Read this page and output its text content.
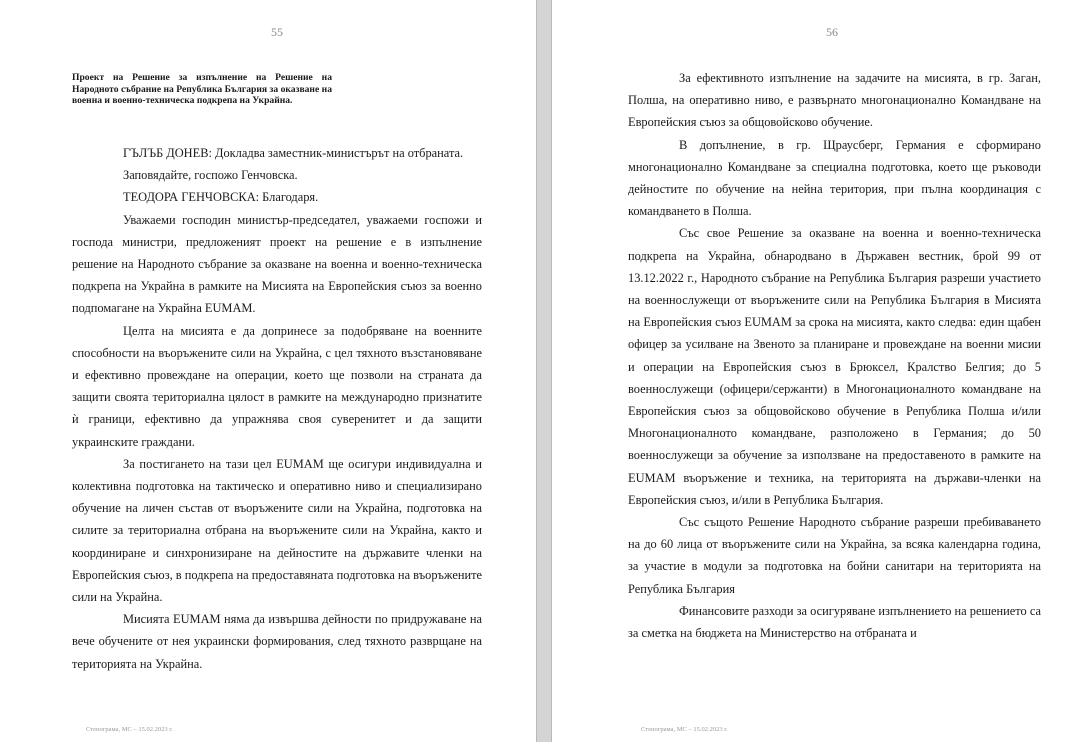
55
Проект на Решение за изпълнение на Решение на Народното събрание на Република България за оказване на военна и военно-техническа подкрепа на Украйна.

ГЪЛЪБ ДОНЕВ: Докладва заместник-министърът на отбраната.

Заповядайте, госпожо Генчовска.

ТЕОДОРА ГЕНЧОВСКА: Благодаря.

Уважаеми господин министър-председател, уважаеми госпожи и господа министри, предложеният проект на решение е в изпълнение решение на Народното събрание за оказване на военна и военно-техническа подкрепа на Украйна в рамките на Мисията на Европейския съюз за военно подпомагане на Украйна EUMAM.

Целта на мисията е да допринесе за подобряване на военните способности на въоръжените сили на Украйна, с цел тяхното възстановяване и ефективно провеждане на операции, което ще позволи на страната да защити своята териториална цялост в рамките на международно признатите ѝ граници, ефективно да упражнява своя суверенитет и да защити украинските граждани.

За постигането на тази цел EUMAM ще осигури индивидуална и колективна подготовка на тактическо и оперативно ниво и специализирано обучение на личен състав от въоръжените сили на Украйна, подготовка на силите за териториална отбрана на въоръжените сили на Украйна, както и координиране и синхронизиране на дейностите на държавите членки на Европейския съюз, в подкрепа на предоставяната подготовка на въоръжените сили на Украйна.

Мисията EUMAM няма да извършва дейности по придружаване на вече обучените от нея украински формирования, след тяхното разврщане на територията на Украйна.

Стенограма, МС – 15.02.2023 г.
56

За ефективното изпълнение на задачите на мисията, в гр. Заган, Полша, на оперативно ниво, е развърнато многонационално Командване на Европейския съюз за общовойсково обучение.

В допълнение, в гр. Щраусберг, Германия е сформирано многонационално Командване за специална подготовка, което ще ръководи дейностите по обучение на нейна територия, при пълна координация с командването в Полша.

Със свое Решение за оказване на военна и военно-техническа подкрепа на Украйна, обнародвано в Държавен вестник, брой 99 от 13.12.2022 г., Народното събрание на Република България разреши участието на военнослужещи от въоръжените сили на Република България в Мисията на Европейския съюз EUMAM за срока на мисията, както следва: един щабен офицер за усилване на Звеното за планиране и провеждане на военни мисии и операции на Европейския съюз в Брюксел, Кралство Белгия; до 5 военнослужещи (офицери/сержанти) в Многонационалното командване на Европейския съюз за общовойсково обучение в Република Полша и/или Многонационалното командване, разположено в Германия; до 50 военнослужещи за обучение за използване на предоставеното в рамките на EUMAM въоръжение и техника, на територията на държави-членки на Европейския съюз, и/или в Република България.

Със същото Решение Народното събрание разреши пребиваването на до 60 лица от въоръжените сили на Украйна, за всяка календарна година, за участие в модули за подготовка на бойни санитари на територията на Република България

Финансовите разходи за осигуряване изпълнението на решението са за сметка на бюджета на Министерство на отбраната и

Стенограма, МС – 15.02.2023 г.
